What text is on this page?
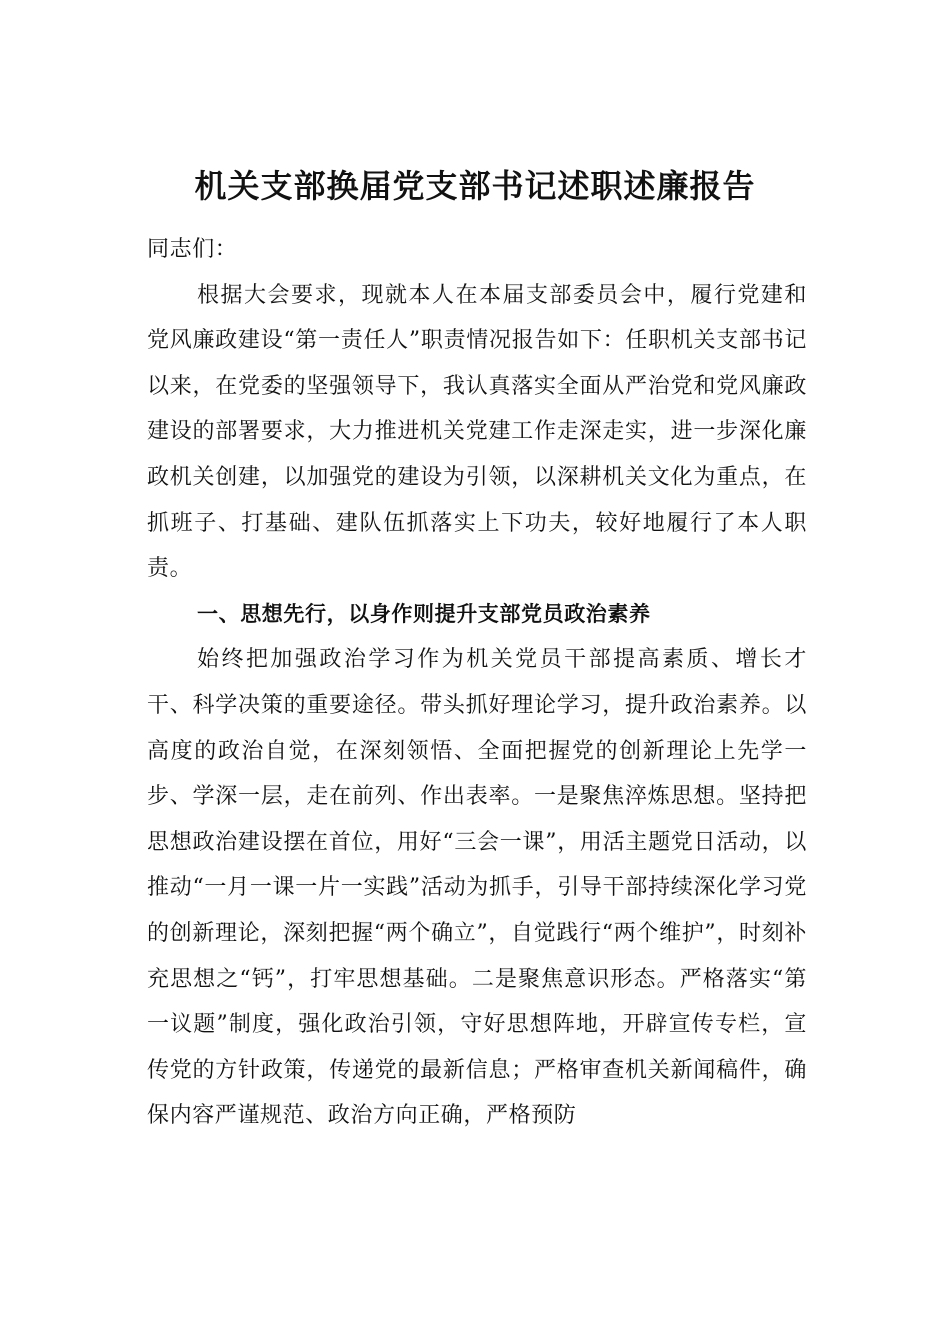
机关支部换届党支部书记述职述廉报告

同志们：

根据大会要求，现就本人在本届支部委员会中，履行党建和党风廉政建设“第一责任人”职责情况报告如下：任职机关支部书记以来，在党委的坚强领导下，我认真落实全面从严治党和党风廉政建设的部署要求，大力推进机关党建工作走深走实，进一步深化廉政机关创建，以加强党的建设为引领，以深耕机关文化为重点，在抓班子、打基础、建队伍抓落实上下功夫，较好地履行了本人职责。

一、思想先行，以身作则提升支部党员政治素养

始终把加强政治学习作为机关党员干部提高素质、增长才干、科学决策的重要途径。带头抓好理论学习，提升政治素养。以高度的政治自觉，在深刻领悟、全面把握党的创新理论上先学一步、学深一层，走在前列、作出表率。一是聚焦淬炼思想。坚持把思想政治建设摆在首位，用好“三会一课”，用活主题党日活动，以推动“一月一课一片一实践”活动为抓手，引导干部持续深化学习党的创新理论，深刻把握“两个确立”，自觉践行“两个维护”，时刻补充思想之“钙”，打牢思想基础。二是聚焦意识形态。严格落实“第一议题”制度，强化政治引领，守好思想阵地，开辟宣传专栏，宣传党的方针政策，传递党的最新信息；严格审查机关新闻稿件，确保内容严谨规范、政治方向正确，严格预防
